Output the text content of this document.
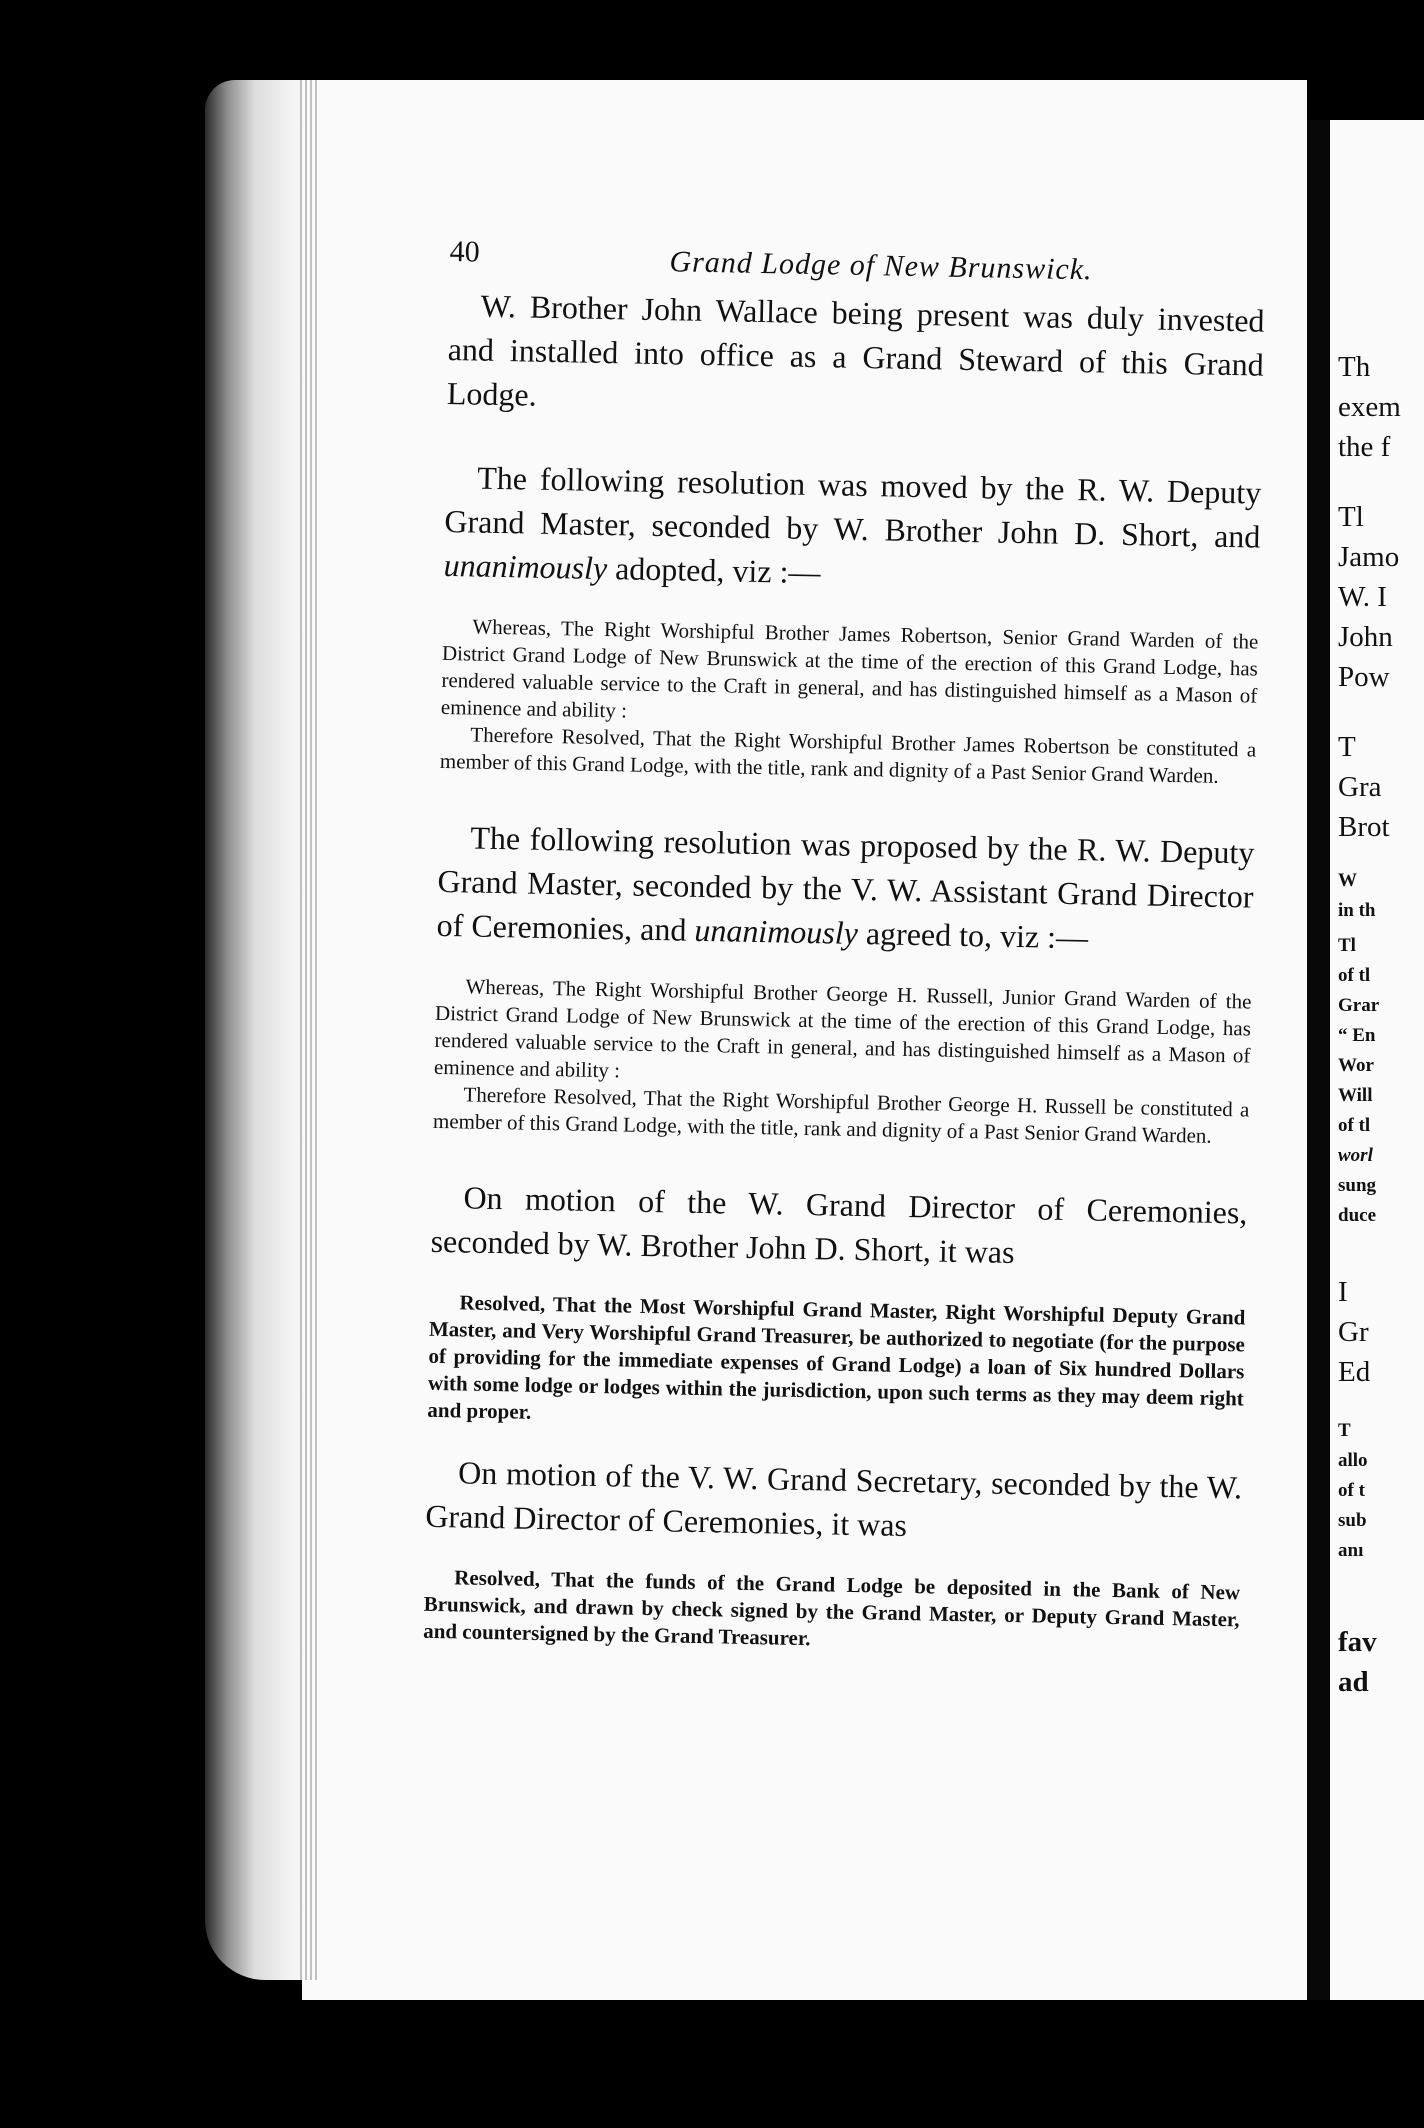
40	Grand Lodge of New Brunswick.

W. Brother John Wallace being present was duly invested and installed into office as a Grand Steward of this Grand Lodge.

The following resolution was moved by the R. W. Deputy Grand Master, seconded by W. Brother John D. Short, and unanimously adopted, viz :—

Whereas, The Right Worshipful Brother James Robertson, Senior Grand Warden of the District Grand Lodge of New Brunswick at the time of the erection of this Grand Lodge, has rendered valuable service to the Craft in general, and has distinguished himself as a Mason of eminence and ability :

Therefore Resolved, That the Right Worshipful Brother James Robertson be constituted a member of this Grand Lodge, with the title, rank and dignity of a Past Senior Grand Warden.

The following resolution was proposed by the R. W. Deputy Grand Master, seconded by the V. W. Assistant Grand Director of Ceremonies, and unanimously agreed to, viz :—

Whereas, The Right Worshipful Brother George H. Russell, Junior Grand Warden of the District Grand Lodge of New Brunswick at the time of the erection of this Grand Lodge, has rendered valuable service to the Craft in general, and has distinguished himself as a Mason of eminence and ability :

Therefore Resolved, That the Right Worshipful Brother George H. Russell be constituted a member of this Grand Lodge, with the title, rank and dignity of a Past Senior Grand Warden.

On motion of the W. Grand Director of Ceremonies, seconded by W. Brother John D. Short, it was

Resolved, That the Most Worshipful Grand Master, Right Worshipful Deputy Grand Master, and Very Worshipful Grand Treasurer, be authorized to negotiate (for the purpose of providing for the immediate expenses of Grand Lodge) a loan of Six hundred Dollars with some lodge or lodges within the jurisdiction, upon such terms as they may deem right and proper.

On motion of the V. W. Grand Secretary, seconded by the W. Grand Director of Ceremonies, it was

Resolved, That the funds of the Grand Lodge be deposited in the Bank of New Brunswick, and drawn by check signed by the Grand Master, or Deputy Grand Master, and countersigned by the Grand Treasurer.

Th
exem
the f
Tl
Jamo
W. I
John
Pow
T
Gra
Brot
W
in th
Tl
of tl
Grar
“ En
Wor
Will
of tl
worl
sung
duce
I
Gr
Ed
T
allo
of t
sub
anı
fav
ad
